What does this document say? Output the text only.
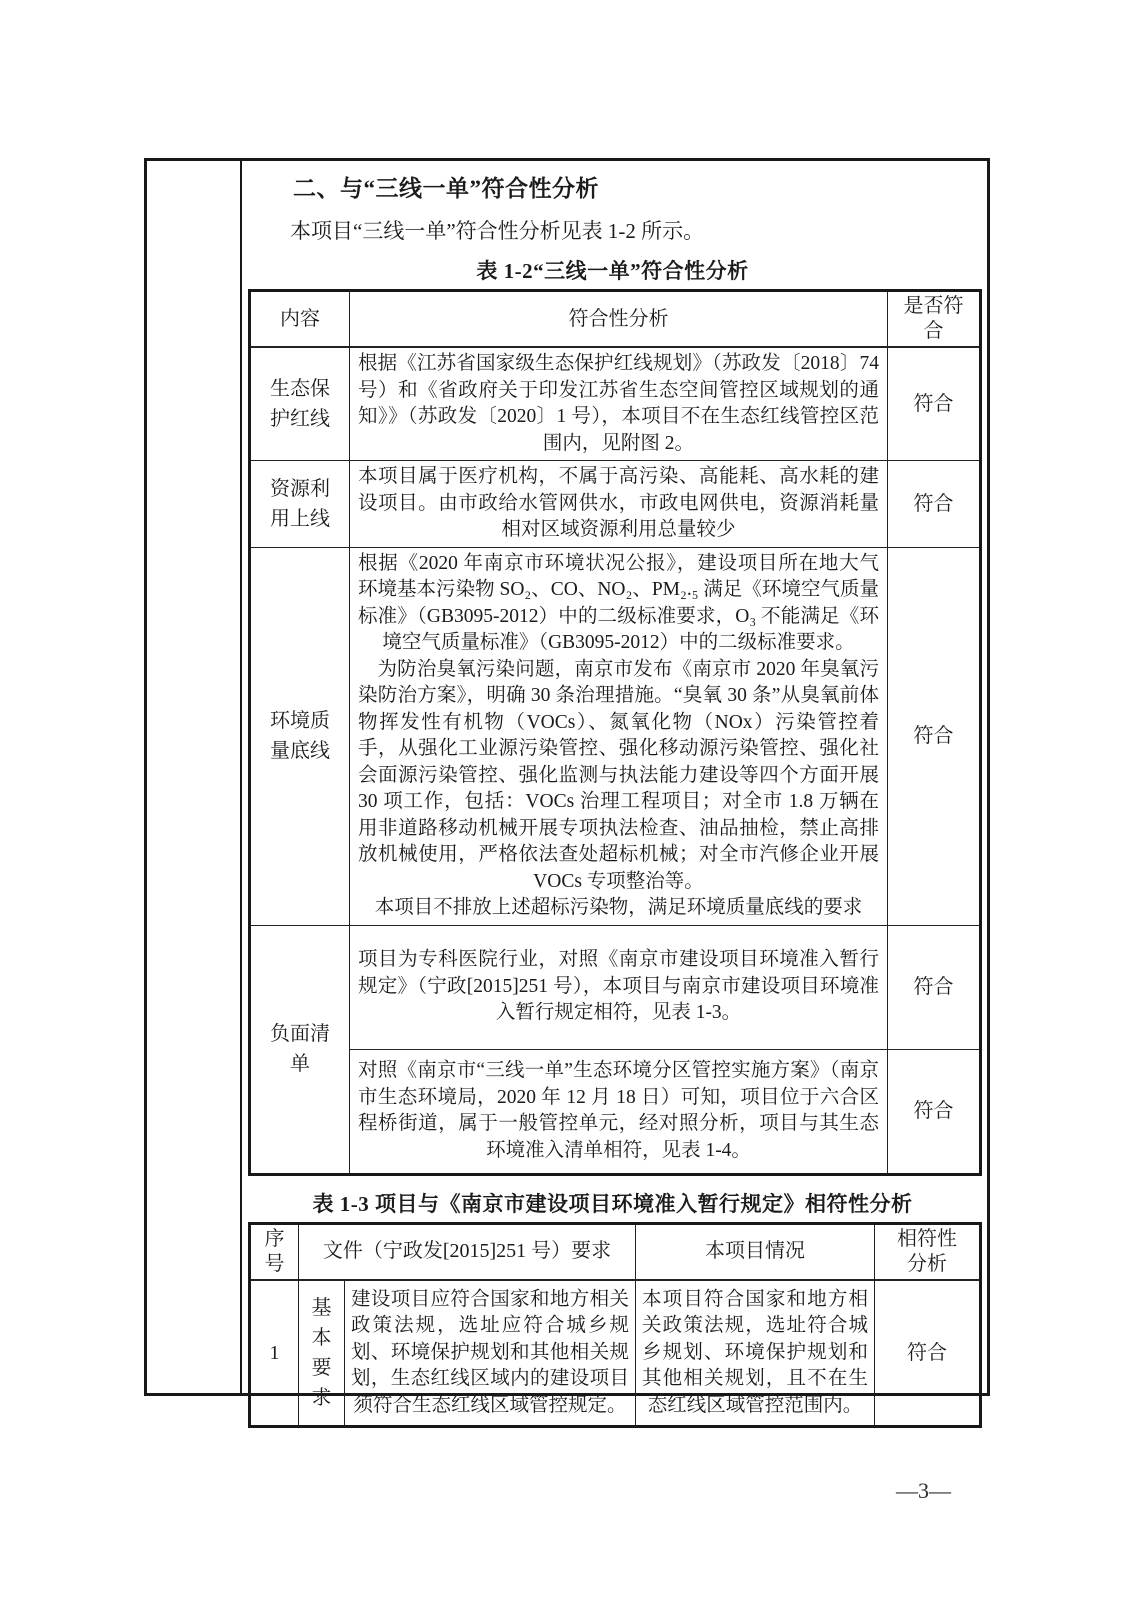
二、与“三线一单”符合性分析
本项目“三线一单”符合性分析见表 1-2 所示。
表 1-2“三线一单”符合性分析
内容	符合性分析	是否符合
生态保护红线	根据《江苏省国家级生态保护红线规划》（苏政发〔2018〕74 号）和《省政府关于印发江苏省生态空间管控区域规划的通知》》（苏政发〔2020〕1 号），本项目不在生态红线管控区范围内，见附图 2。	符合
资源利用上线	本项目属于医疗机构，不属于高污染、高能耗、高水耗的建设项目。由市政给水管网供水，市政电网供电，资源消耗量相对区域资源利用总量较少	符合
环境质量底线	根据《2020 年南京市环境状况公报》，建设项目所在地大气环境基本污染物 SO₂、CO、NO₂、PM₂.₅ 满足《环境空气质量标准》（GB3095-2012）中的二级标准要求，O₃ 不能满足《环境空气质量标准》（GB3095-2012）中的二级标准要求。

为防治臭氧污染问题，南京市发布《南京市 2020 年臭氧污染防治方案》，明确 30 条治理措施。“臭氧 30 条”从臭氧前体物挥发性有机物（VOCs）、氮氧化物（NOx）污染管控着手，从强化工业源污染管控、强化移动源污染管控、强化社会面源污染管控、强化监测与执法能力建设等四个方面开展 30 项工作，包括：VOCs 治理工程项目；对全市 1.8 万辆在用非道路移动机械开展专项执法检查、油品抽检，禁止高排放机械使用，严格依法查处超标机械；对全市汽修企业开展 VOCs 专项整治等。

本项目不排放上述超标污染物，满足环境质量底线的要求	符合
负面清单	项目为专科医院行业，对照《南京市建设项目环境准入暂行规定》（宁政[2015]251 号），本项目与南京市建设项目环境准入暂行规定相符，见表 1-3。	符合
	对照《南京市“三线一单”生态环境分区管控实施方案》（南京市生态环境局，2020 年 12 月 18 日）可知，项目位于六合区程桥街道，属于一般管控单元，经对照分析，项目与其生态环境准入清单相符，见表 1-4。	符合
表 1-3 项目与《南京市建设项目环境准入暂行规定》相符性分析
序号	文件（宁政发[2015]251 号）要求		本项目情况	相符性分析
1	基本要求	建设项目应符合国家和地方相关政策法规，选址应符合城乡规划、环境保护规划和其他相关规划，生态红线区域内的建设项目须符合生态红线区域管控规定。	本项目符合国家和地方相关政策法规，选址符合城乡规划、环境保护规划和其他相关规划，且不在生态红线区域管控范围内。	符合
—3—
